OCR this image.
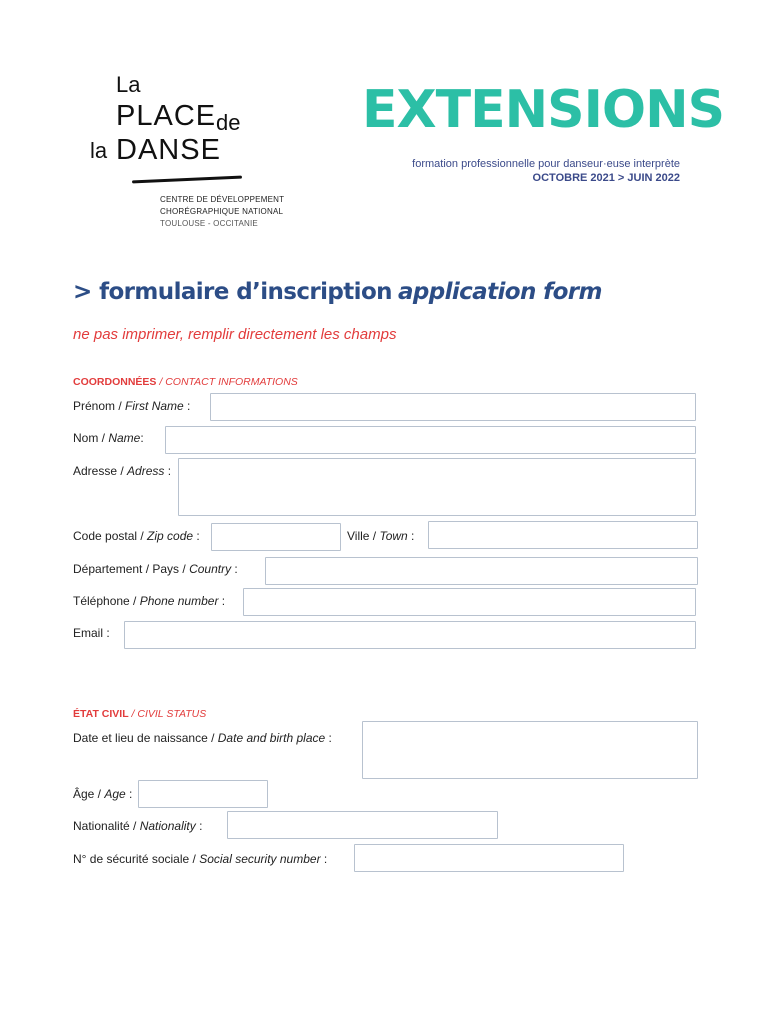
La
PLACE de
la DANSE
CENTRE DE DÉVELOPPEMENT
CHORÉGRAPHIQUE NATIONAL
TOULOUSE - OCCITANIE
EXTENSIONS
formation professionnelle pour danseur·euse interprète
OCTOBRE 2021 > JUIN 2022
> formulaire d’inscription application form
ne pas imprimer, remplir directement les champs
COORDONNÉES / CONTACT INFORMATIONS
Prénom / First Name :
Nom / Name:
Adresse / Adress :
Code postal / Zip code :	Ville / Town :
Département / Pays / Country :
Téléphone / Phone number :
Email :
ÉTAT CIVIL / CIVIL STATUS
Date et lieu de naissance / Date and birth place :
Âge / Age :
Nationalité / Nationality :
N° de sécurité sociale / Social security number :
